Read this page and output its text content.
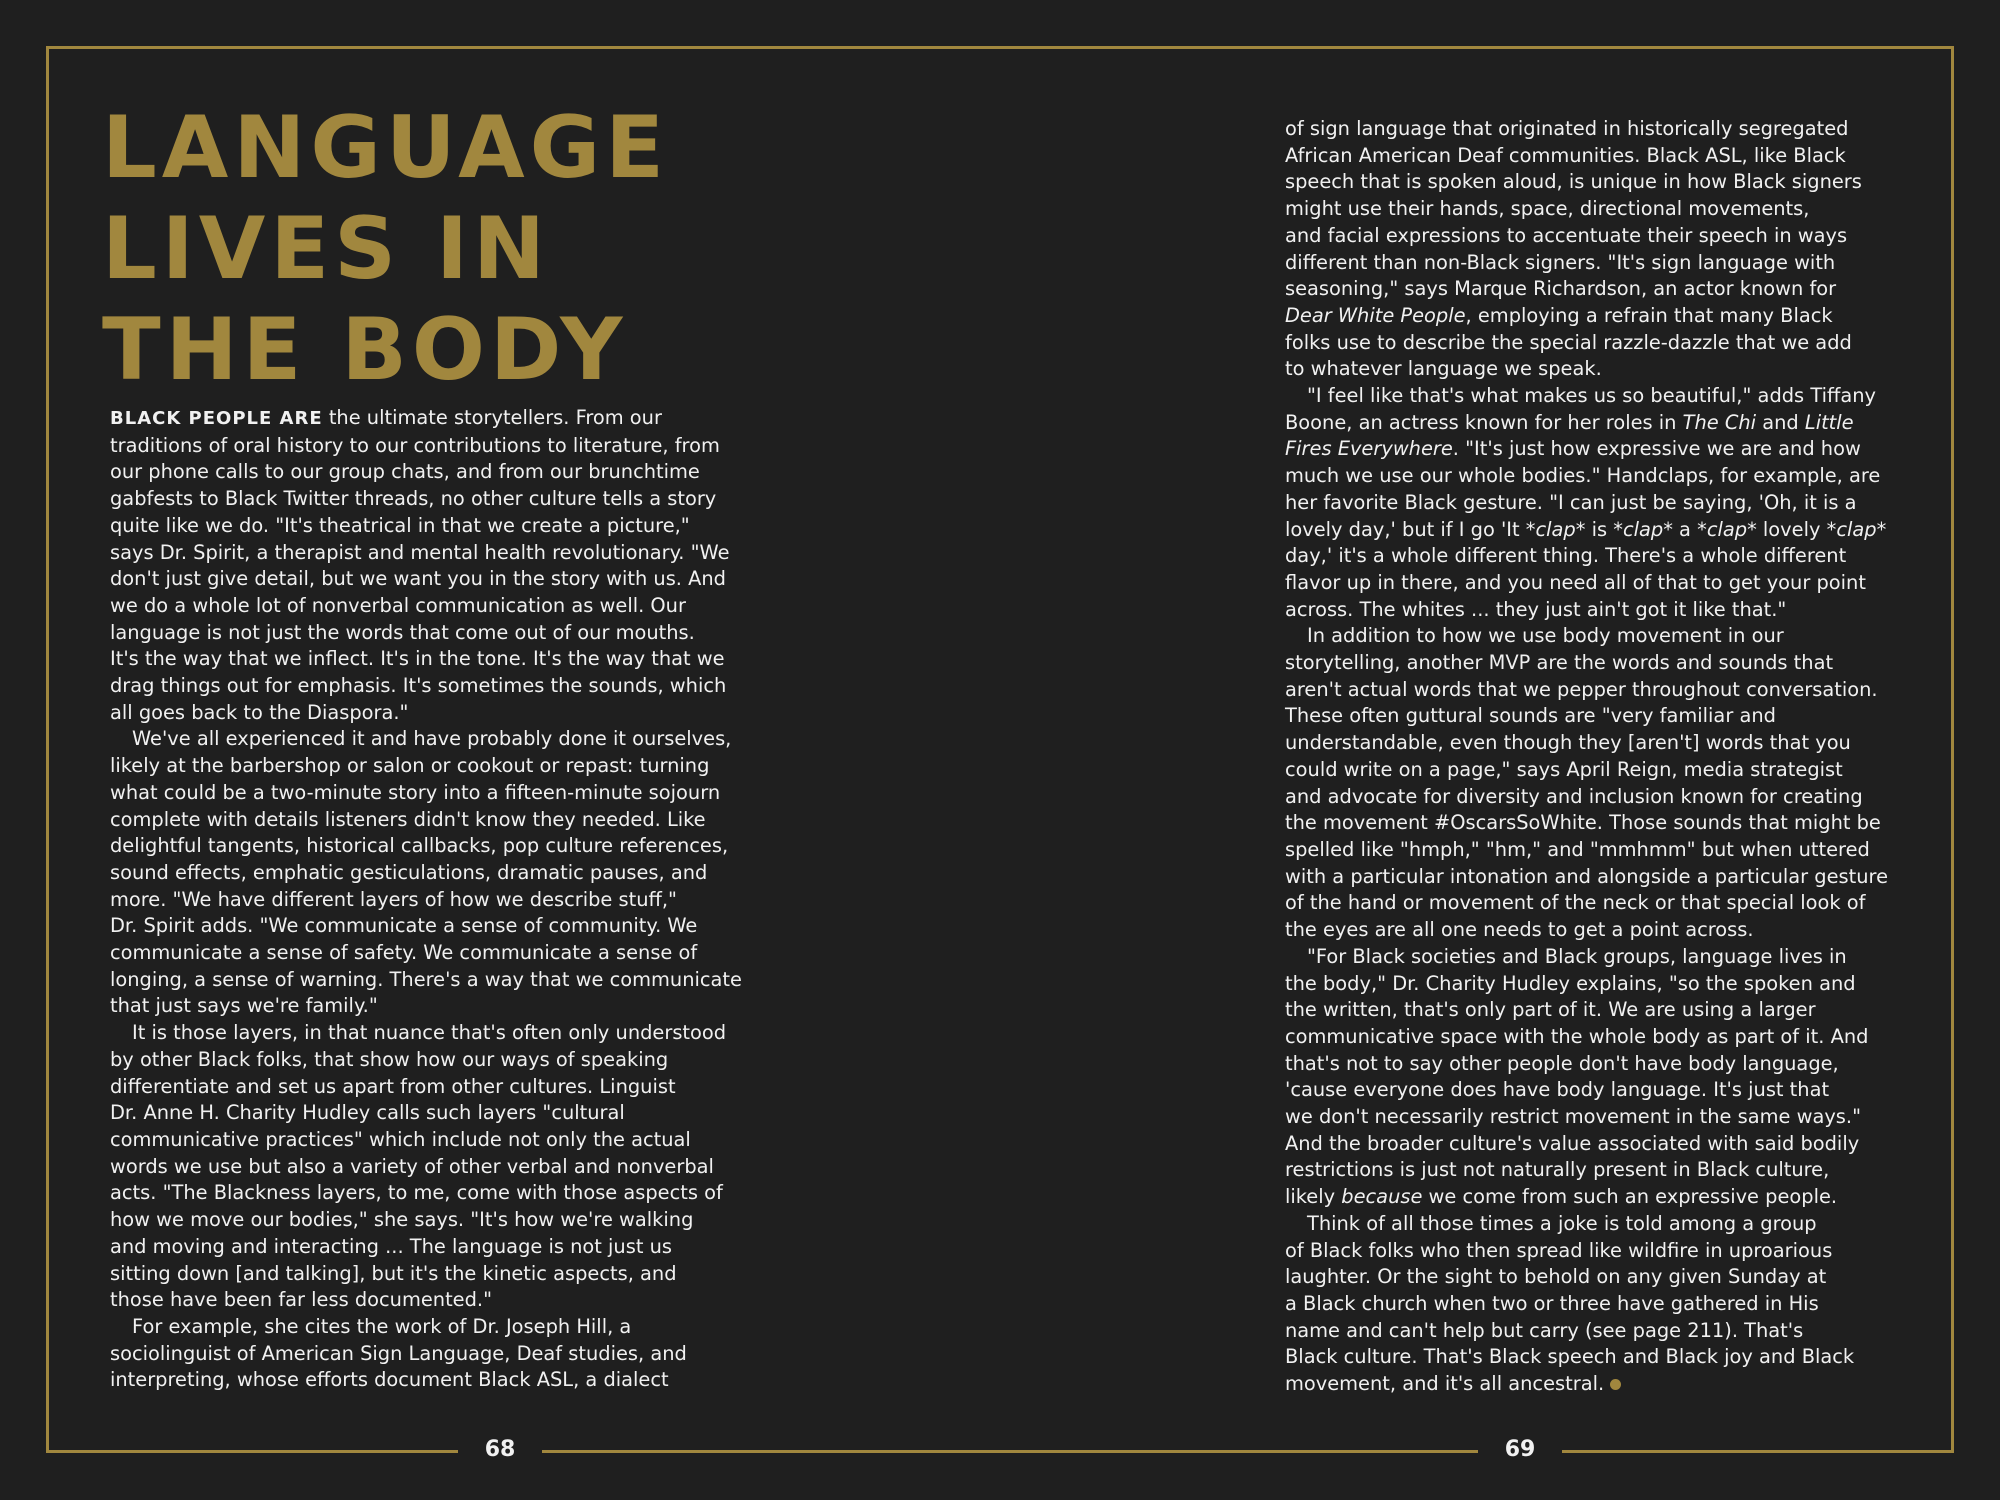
LANGUAGE
LIVES IN
THE BODY

BLACK PEOPLE ARE the ultimate storytellers. From our
traditions of oral history to our contributions to literature, from
our phone calls to our group chats, and from our brunchtime
gabfests to Black Twitter threads, no other culture tells a story
quite like we do. "It's theatrical in that we create a picture,"
says Dr. Spirit, a therapist and mental health revolutionary. "We
don't just give detail, but we want you in the story with us. And
we do a whole lot of nonverbal communication as well. Our
language is not just the words that come out of our mouths.
It's the way that we inflect. It's in the tone. It's the way that we
drag things out for emphasis. It's sometimes the sounds, which
all goes back to the Diaspora."

We've all experienced it and have probably done it ourselves,
likely at the barbershop or salon or cookout or repast: turning
what could be a two-minute story into a fifteen-minute sojourn
complete with details listeners didn't know they needed. Like
delightful tangents, historical callbacks, pop culture references,
sound effects, emphatic gesticulations, dramatic pauses, and
more. "We have different layers of how we describe stuff,"
Dr. Spirit adds. "We communicate a sense of community. We
communicate a sense of safety. We communicate a sense of
longing, a sense of warning. There's a way that we communicate
that just says we're family."

It is those layers, in that nuance that's often only understood
by other Black folks, that show how our ways of speaking
differentiate and set us apart from other cultures. Linguist
Dr. Anne H. Charity Hudley calls such layers "cultural
communicative practices" which include not only the actual
words we use but also a variety of other verbal and nonverbal
acts. "The Blackness layers, to me, come with those aspects of
how we move our bodies," she says. "It's how we're walking
and moving and interacting ... The language is not just us
sitting down [and talking], but it's the kinetic aspects, and
those have been far less documented."

For example, she cites the work of Dr. Joseph Hill, a
sociolinguist of American Sign Language, Deaf studies, and
interpreting, whose efforts document Black ASL, a dialect

of sign language that originated in historically segregated
African American Deaf communities. Black ASL, like Black
speech that is spoken aloud, is unique in how Black signers
might use their hands, space, directional movements,
and facial expressions to accentuate their speech in ways
different than non-Black signers. "It's sign language with
seasoning," says Marque Richardson, an actor known for
Dear White People, employing a refrain that many Black
folks use to describe the special razzle-dazzle that we add
to whatever language we speak.

"I feel like that's what makes us so beautiful," adds Tiffany
Boone, an actress known for her roles in The Chi and Little
Fires Everywhere. "It's just how expressive we are and how
much we use our whole bodies." Handclaps, for example, are
her favorite Black gesture. "I can just be saying, 'Oh, it is a
lovely day,' but if I go 'It *clap* is *clap* a *clap* lovely *clap*
day,' it's a whole different thing. There's a whole different
flavor up in there, and you need all of that to get your point
across. The whites ... they just ain't got it like that."

In addition to how we use body movement in our
storytelling, another MVP are the words and sounds that
aren't actual words that we pepper throughout conversation.
These often guttural sounds are "very familiar and
understandable, even though they [aren't] words that you
could write on a page," says April Reign, media strategist
and advocate for diversity and inclusion known for creating
the movement #OscarsSoWhite. Those sounds that might be
spelled like "hmph," "hm," and "mmhmm" but when uttered
with a particular intonation and alongside a particular gesture
of the hand or movement of the neck or that special look of
the eyes are all one needs to get a point across.

"For Black societies and Black groups, language lives in
the body," Dr. Charity Hudley explains, "so the spoken and
the written, that's only part of it. We are using a larger
communicative space with the whole body as part of it. And
that's not to say other people don't have body language,
'cause everyone does have body language. It's just that
we don't necessarily restrict movement in the same ways."
And the broader culture's value associated with said bodily
restrictions is just not naturally present in Black culture,
likely because we come from such an expressive people.

Think of all those times a joke is told among a group
of Black folks who then spread like wildfire in uproarious
laughter. Or the sight to behold on any given Sunday at
a Black church when two or three have gathered in His
name and can't help but carry (see page 211). That's
Black culture. That's Black speech and Black joy and Black
movement, and it's all ancestral.

68	69
